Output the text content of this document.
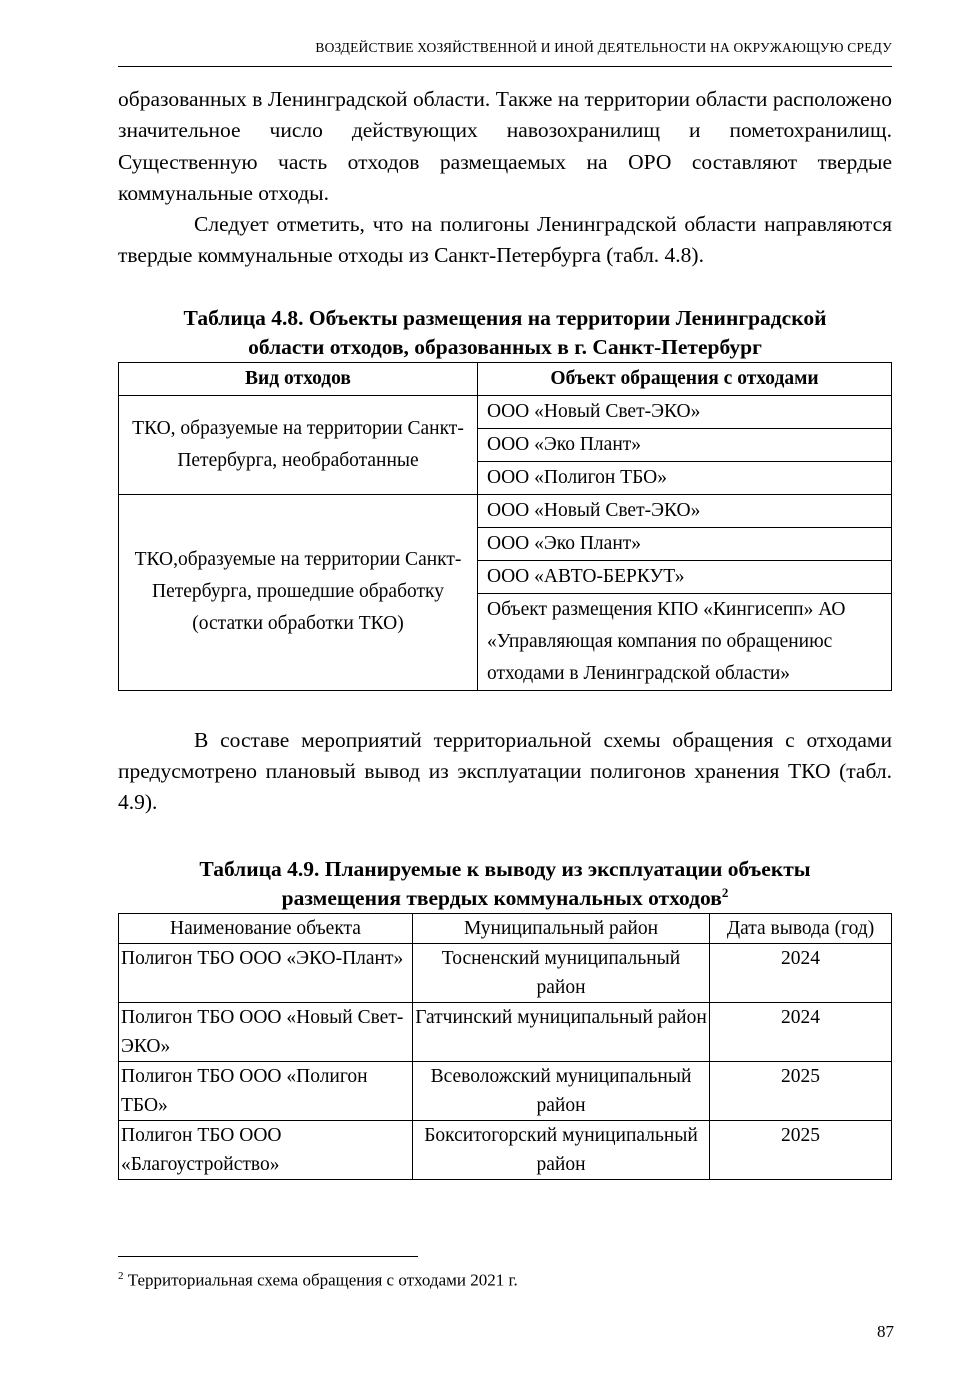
ВОЗДЕЙСТВИЕ ХОЗЯЙСТВЕННОЙ И ИНОЙ ДЕЯТЕЛЬНОСТИ НА ОКРУЖАЮЩУЮ СРЕДУ

образованных в Ленинградской области. Также на территории области расположено значительное число действующих навозохранилищ и пометохранилищ. Существенную часть отходов размещаемых на ОРО составляют твердые коммунальные отходы.

Следует отметить, что на полигоны Ленинградской области направляются твердые коммунальные отходы из Санкт-Петербурга (табл. 4.8).

Таблица 4.8. Объекты размещения на территории Ленинградской
области отходов, образованных в г. Санкт-Петербург

Вид отходов	Объект обращения с отходами
ТКО, образуемые на территории Санкт-Петербурга, необработанные	ООО «Новый Свет-ЭКО»
	ООО «Эко Плант»
	ООО «Полигон ТБО»
ТКО,образуемые на территории Санкт-Петербурга, прошедшие обработку (остатки обработки ТКО)	ООО «Новый Свет-ЭКО»
	ООО «Эко Плант»
	ООО «АВТО-БЕРКУТ»
	Объект размещения КПО «Кингисепп» АО «Управляющая компания по обращениюс отходами в Ленинградской области»

В составе мероприятий территориальной схемы обращения с отходами предусмотрено плановый вывод из эксплуатации полигонов хранения ТКО (табл. 4.9).

Таблица 4.9. Планируемые к выводу из эксплуатации объекты
размещения твердых коммунальных отходов$^2$

Наименование объекта	Муниципальный район	Дата вывода (год)
Полигон ТБО ООО «ЭКО-Плант»	Тосненский муниципальный район	2024
Полигон ТБО ООО «Новый Свет-ЭКО»	Гатчинский муниципальный район	2024
Полигон ТБО ООО «Полигон ТБО»	Всеволожский муниципальный район	2025
Полигон ТБО ООО «Благоустройство»	Бокситогорский муниципальный район	2025
$^2$ Территориальная схема обращения с отходами 2021 г.
87
